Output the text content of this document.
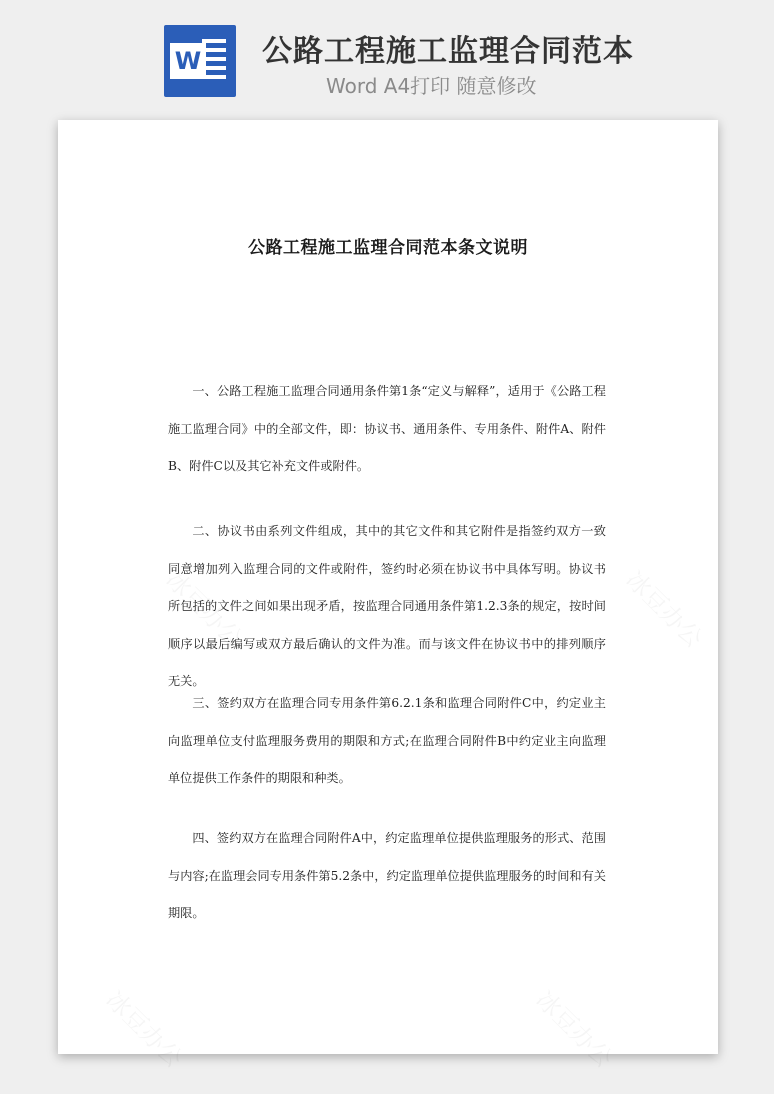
W 公路工程施工监理合同范本
Word A4打印 随意修改
公路工程施工监理合同范本条文说明

一、公路工程施工监理合同通用条件第1条“定义与解释”，适用于《公路工程施工监理合同》中的全部文件，即：协议书、通用条件、专用条件、附件A、附件B、附件C以及其它补充文件或附件。

二、协议书由系列文件组成，其中的其它文件和其它附件是指签约双方一致同意增加列入监理合同的文件或附件，签约时必须在协议书中具体写明。协议书所包括的文件之间如果出现矛盾，按监理合同通用条件第1.2.3条的规定，按时间顺序以最后编写或双方最后确认的文件为准。而与该文件在协议书中的排列顺序无关。

三、签约双方在监理合同专用条件第6.2.1条和监理合同附件C中，约定业主向监理单位支付监理服务费用的期限和方式;在监理合同附件B中约定业主向监理单位提供工作条件的期限和种类。

四、签约双方在监理合同附件A中，约定监理单位提供监理服务的形式、范围与内容;在监理会同专用条件第5.2条中，约定监理单位提供监理服务的时间和有关期限。
